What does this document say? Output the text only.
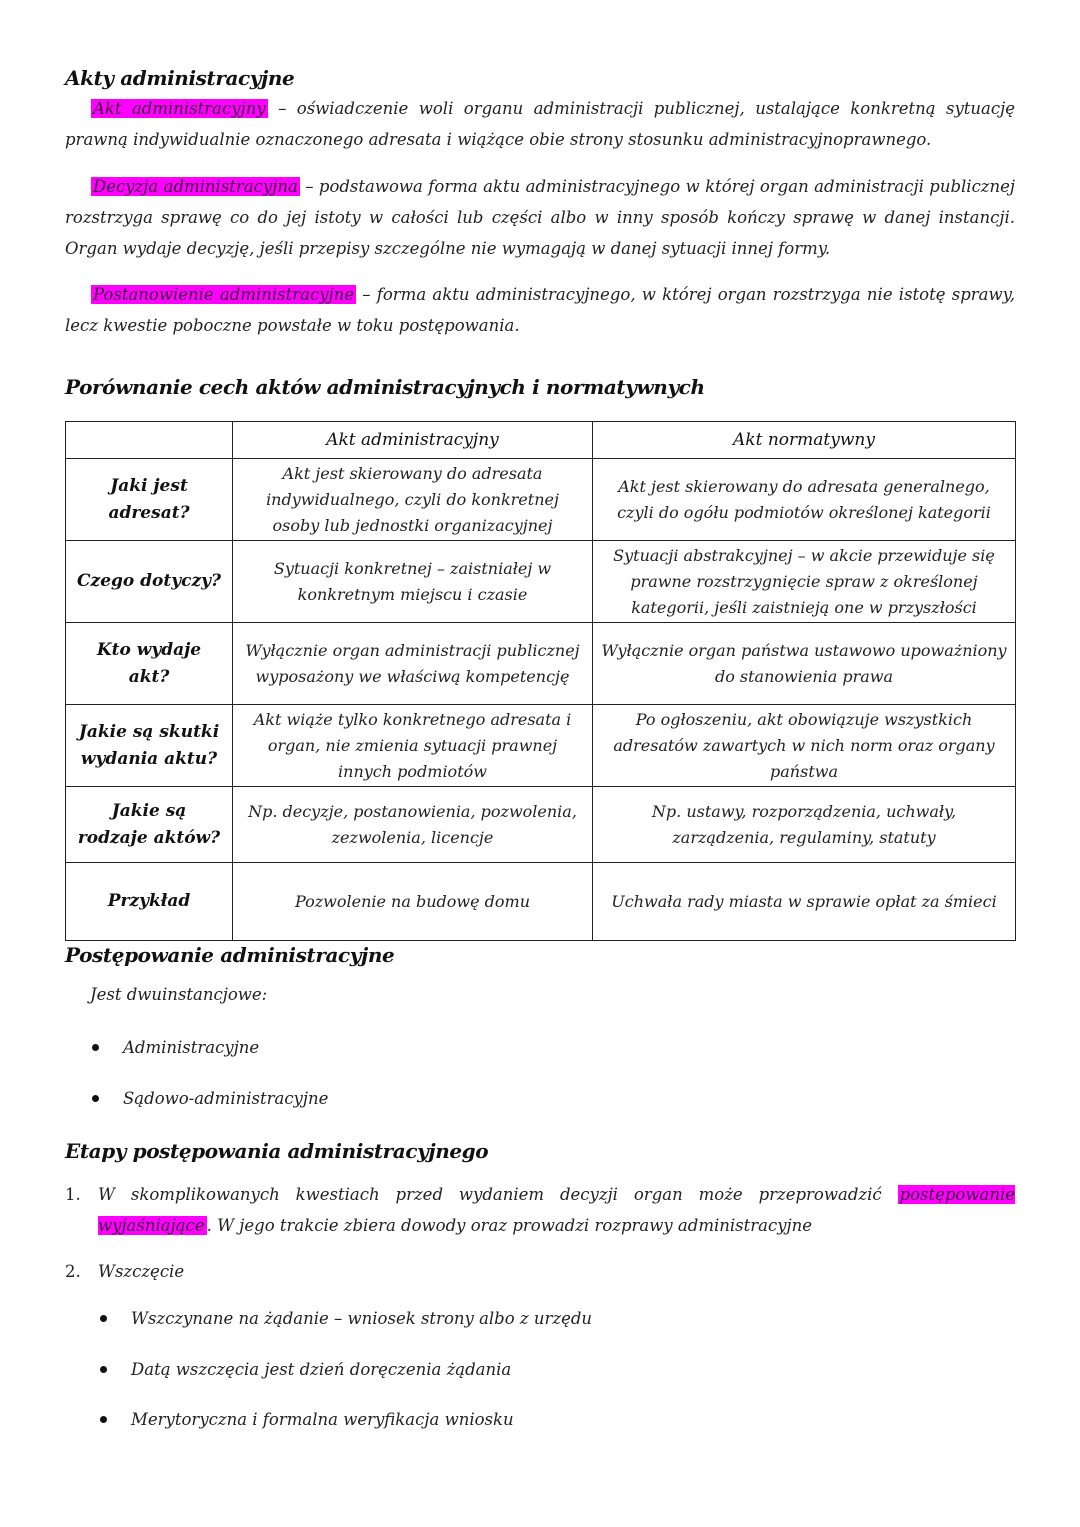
Akty administracyjne

Akt administracyjny – oświadczenie woli organu administracji publicznej, ustalające konkretną sytuację prawną indywidualnie oznaczonego adresata i wiążące obie strony stosunku administracyjnoprawnego.

Decyzja administracyjna – podstawowa forma aktu administracyjnego w której organ administracji publicznej rozstrzyga sprawę co do jej istoty w całości lub części albo w inny sposób kończy sprawę w danej instancji. Organ wydaje decyzję, jeśli przepisy szczególne nie wymagają w danej sytuacji innej formy.

Postanowienie administracyjne – forma aktu administracyjnego, w której organ rozstrzyga nie istotę sprawy, lecz kwestie poboczne powstałe w toku postępowania.

Porównanie cech aktów administracyjnych i normatywnych
	Akt administracyjny	Akt normatywny
Jaki jest adresat?	Akt jest skierowany do adresata indywidualnego, czyli do konkretnej osoby lub jednostki organizacyjnej	Akt jest skierowany do adresata generalnego, czyli do ogółu podmiotów określonej kategorii
Czego dotyczy?	Sytuacji konkretnej – zaistniałej w konkretnym miejscu i czasie	Sytuacji abstrakcyjnej – w akcie przewiduje się prawne rozstrzygnięcie spraw z określonej kategorii, jeśli zaistnieją one w przyszłości
Kto wydaje akt?	Wyłącznie organ administracji publicznej wyposażony we właściwą kompetencję	Wyłącznie organ państwa ustawowo upoważniony do stanowienia prawa
Jakie są skutki wydania aktu?	Akt wiąże tylko konkretnego adresata i organ, nie zmienia sytuacji prawnej innych podmiotów	Po ogłoszeniu, akt obowiązuje wszystkich adresatów zawartych w nich norm oraz organy państwa
Jakie są rodzaje aktów?	Np. decyzje, postanowienia, pozwolenia, zezwolenia, licencje	Np. ustawy, rozporządzenia, uchwały, zarządzenia, regulaminy, statuty
Przykład	Pozwolenie na budowę domu	Uchwała rady miasta w sprawie opłat za śmieci
Postępowanie administracyjne
Jest dwuinstancjowe:
Administracyjne
Sądowo-administracyjne
Etapy postępowania administracyjnego
1. W skomplikowanych kwestiach przed wydaniem decyzji organ może przeprowadzić postępowanie wyjaśniające . W jego trakcie zbiera dowody oraz prowadzi rozprawy administracyjne
2. Wszczęcie
Wszczynane na żądanie – wniosek strony albo z urzędu
Datą wszczęcia jest dzień doręczenia żądania
Merytoryczna i formalna weryfikacja wniosku
